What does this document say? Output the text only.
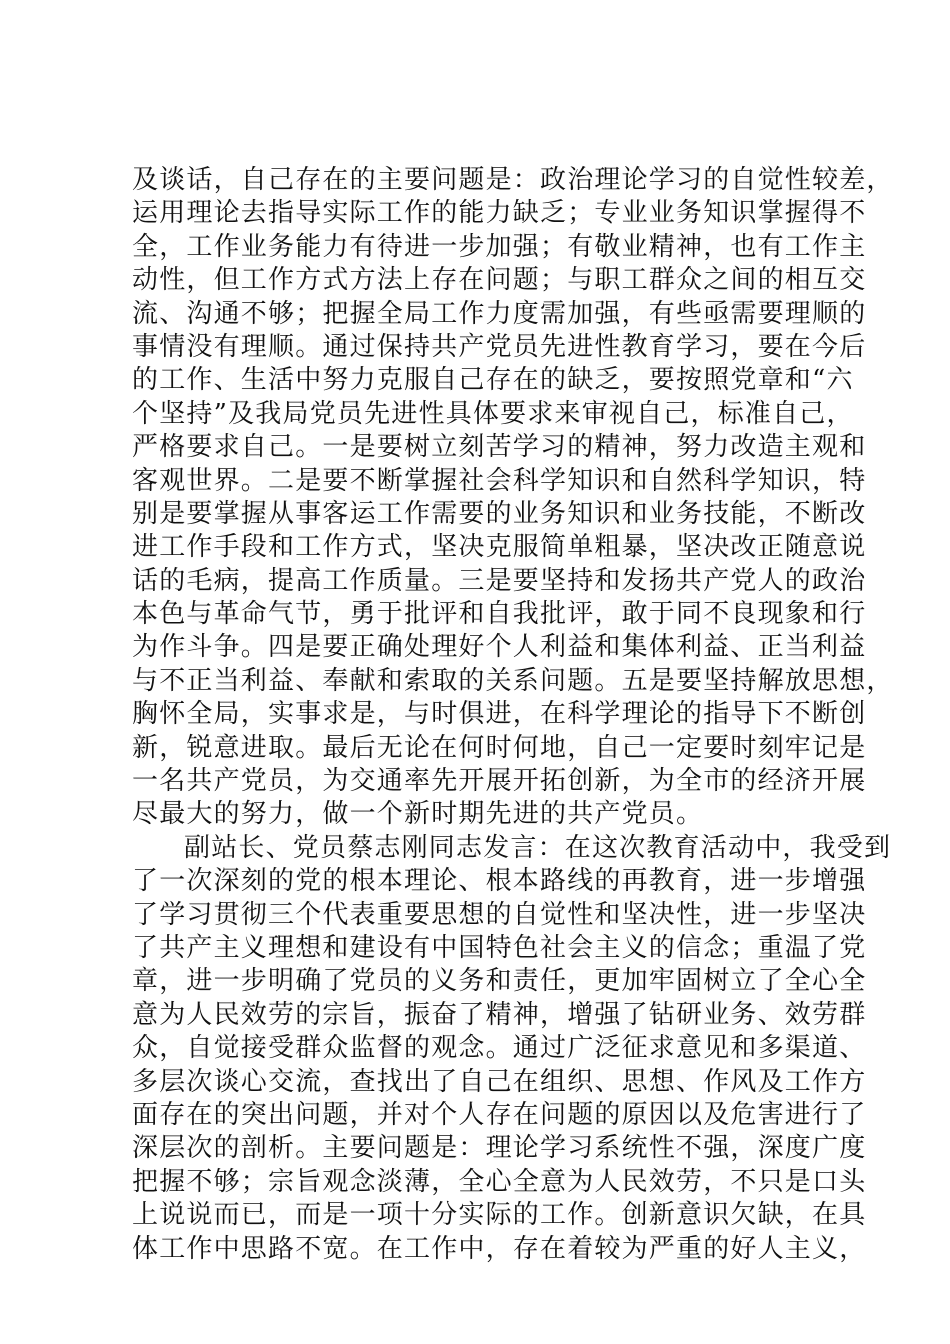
及谈话，自己存在的主要问题是：政治理论学习的自觉性较差，
运用理论去指导实际工作的能力缺乏；专业业务知识掌握得不
全，工作业务能力有待进一步加强；有敬业精神，也有工作主
动性，但工作方式方法上存在问题；与职工群众之间的相互交
流、沟通不够；把握全局工作力度需加强，有些亟需要理顺的
事情没有理顺。通过保持共产党员先进性教育学习，要在今后
的工作、生活中努力克服自己存在的缺乏，要按照党章和“六
个坚持”及我局党员先进性具体要求来审视自己，标准自己，
严格要求自己。一是要树立刻苦学习的精神，努力改造主观和
客观世界。二是要不断掌握社会科学知识和自然科学知识，特
别是要掌握从事客运工作需要的业务知识和业务技能，不断改
进工作手段和工作方式，坚决克服简单粗暴，坚决改正随意说
话的毛病，提高工作质量。三是要坚持和发扬共产党人的政治
本色与革命气节，勇于批评和自我批评，敢于同不良现象和行
为作斗争。四是要正确处理好个人利益和集体利益、正当利益
与不正当利益、奉献和索取的关系问题。五是要坚持解放思想，
胸怀全局，实事求是，与时俱进，在科学理论的指导下不断创
新，锐意进取。最后无论在何时何地，自己一定要时刻牢记是
一名共产党员，为交通率先开展开拓创新，为全市的经济开展
尽最大的努力，做一个新时期先进的共产党员。
副站长、党员蔡志刚同志发言：在这次教育活动中，我受到
了一次深刻的党的根本理论、根本路线的再教育，进一步增强
了学习贯彻三个代表重要思想的自觉性和坚决性，进一步坚决
了共产主义理想和建设有中国特色社会主义的信念；重温了党
章，进一步明确了党员的义务和责任，更加牢固树立了全心全
意为人民效劳的宗旨，振奋了精神，增强了钻研业务、效劳群
众，自觉接受群众监督的观念。通过广泛征求意见和多渠道、
多层次谈心交流，查找出了自己在组织、思想、作风及工作方
面存在的突出问题，并对个人存在问题的原因以及危害进行了
深层次的剖析。主要问题是：理论学习系统性不强，深度广度
把握不够；宗旨观念淡薄，全心全意为人民效劳，不只是口头
上说说而已，而是一项十分实际的工作。创新意识欠缺，在具
体工作中思路不宽。在工作中，存在着较为严重的好人主义，
